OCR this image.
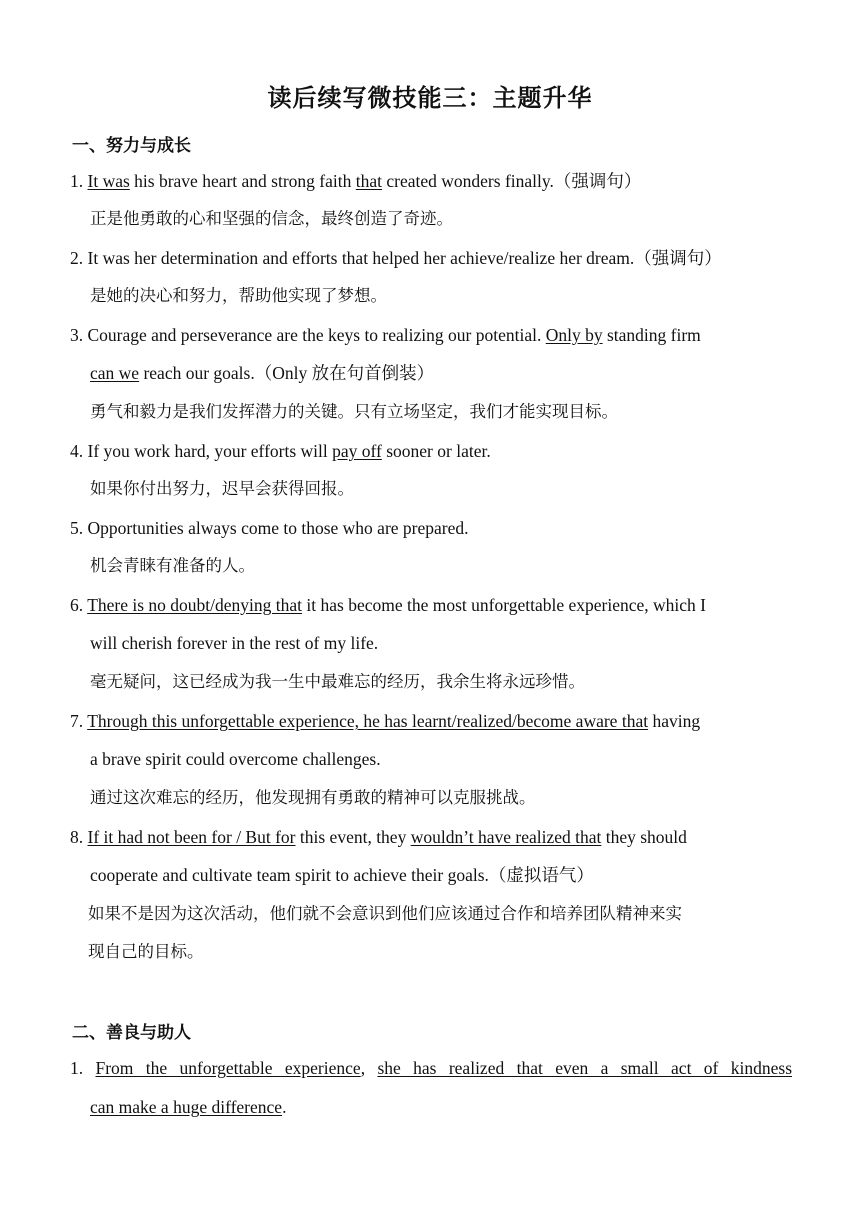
读后续写微技能三：主题升华
一、努力与成长
1. It was his brave heart and strong faith that created wonders finally.（强调句）
正是他勇敢的心和坚强的信念，最终创造了奇迹。
2. It was her determination and efforts that helped her achieve/realize her dream.（强调句）
是她的决心和努力，帮助他实现了梦想。
3. Courage and perseverance are the keys to realizing our potential. Only by standing firm
can we reach our goals.（Only 放在句首倒装）
勇气和毅力是我们发挥潜力的关键。只有立场坚定，我们才能实现目标。
4. If you work hard, your efforts will pay off sooner or later.
如果你付出努力，迟早会获得回报。
5. Opportunities always come to those who are prepared.
机会青睐有准备的人。
6. There is no doubt/denying that it has become the most unforgettable experience, which I
will cherish forever in the rest of my life.
毫无疑问，这已经成为我一生中最难忘的经历，我余生将永远珍惜。
7. Through this unforgettable experience, he has learnt/realized/become aware that having
a brave spirit could overcome challenges.
通过这次难忘的经历，他发现拥有勇敢的精神可以克服挑战。
8. If it had not been for / But for this event, they wouldn’t have realized that they should
cooperate and cultivate team spirit to achieve their goals.（虚拟语气）
如果不是因为这次活动，他们就不会意识到他们应该通过合作和培养团队精神来实
现自己的目标。
二、善良与助人
1. From the unforgettable experience, she has realized that even a small act of kindness
can make a huge difference.
